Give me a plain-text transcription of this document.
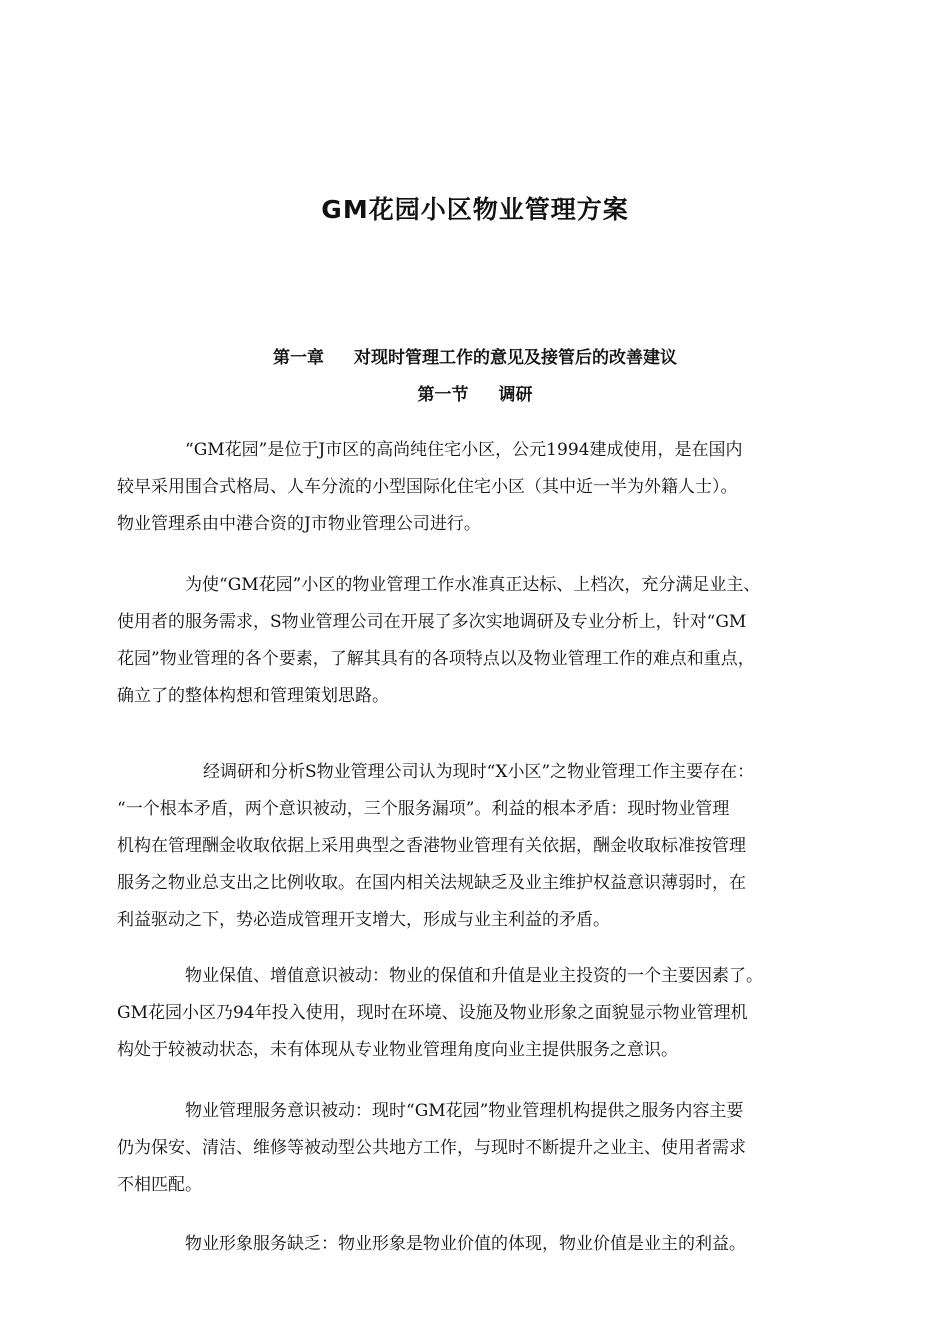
GM花园小区物业管理方案
第一章 对现时管理工作的意见及接管后的改善建议
第一节 调研

“GM花园”是位于J市区的高尚纯住宅小区，公元1994建成使用，是在国内
较早采用围合式格局、人车分流的小型国际化住宅小区（其中近一半为外籍人士）。
物业管理系由中港合资的J市物业管理公司进行。

为使“GM花园”小区的物业管理工作水准真正达标、上档次，充分满足业主、
使用者的服务需求，S物业管理公司在开展了多次实地调研及专业分析上，针对“GM
花园”物业管理的各个要素，了解其具有的各项特点以及物业管理工作的难点和重点，
确立了的整体构想和管理策划思路。

经调研和分析S物业管理公司认为现时“X小区”之物业管理工作主要存在：
“一个根本矛盾，两个意识被动，三个服务漏项”。利益的根本矛盾：现时物业管理
机构在管理酬金收取依据上采用典型之香港物业管理有关依据，酬金收取标准按管理
服务之物业总支出之比例收取。在国内相关法规缺乏及业主维护权益意识薄弱时，在
利益驱动之下，势必造成管理开支增大，形成与业主利益的矛盾。

物业保值、增值意识被动：物业的保值和升值是业主投资的一个主要因素了。
GM花园小区乃94年投入使用，现时在环境、设施及物业形象之面貌显示物业管理机
构处于较被动状态，未有体现从专业物业管理角度向业主提供服务之意识。

物业管理服务意识被动：现时“GM花园”物业管理机构提供之服务内容主要
仍为保安、清洁、维修等被动型公共地方工作，与现时不断提升之业主、使用者需求
不相匹配。

物业形象服务缺乏：物业形象是物业价值的体现，物业价值是业主的利益。
